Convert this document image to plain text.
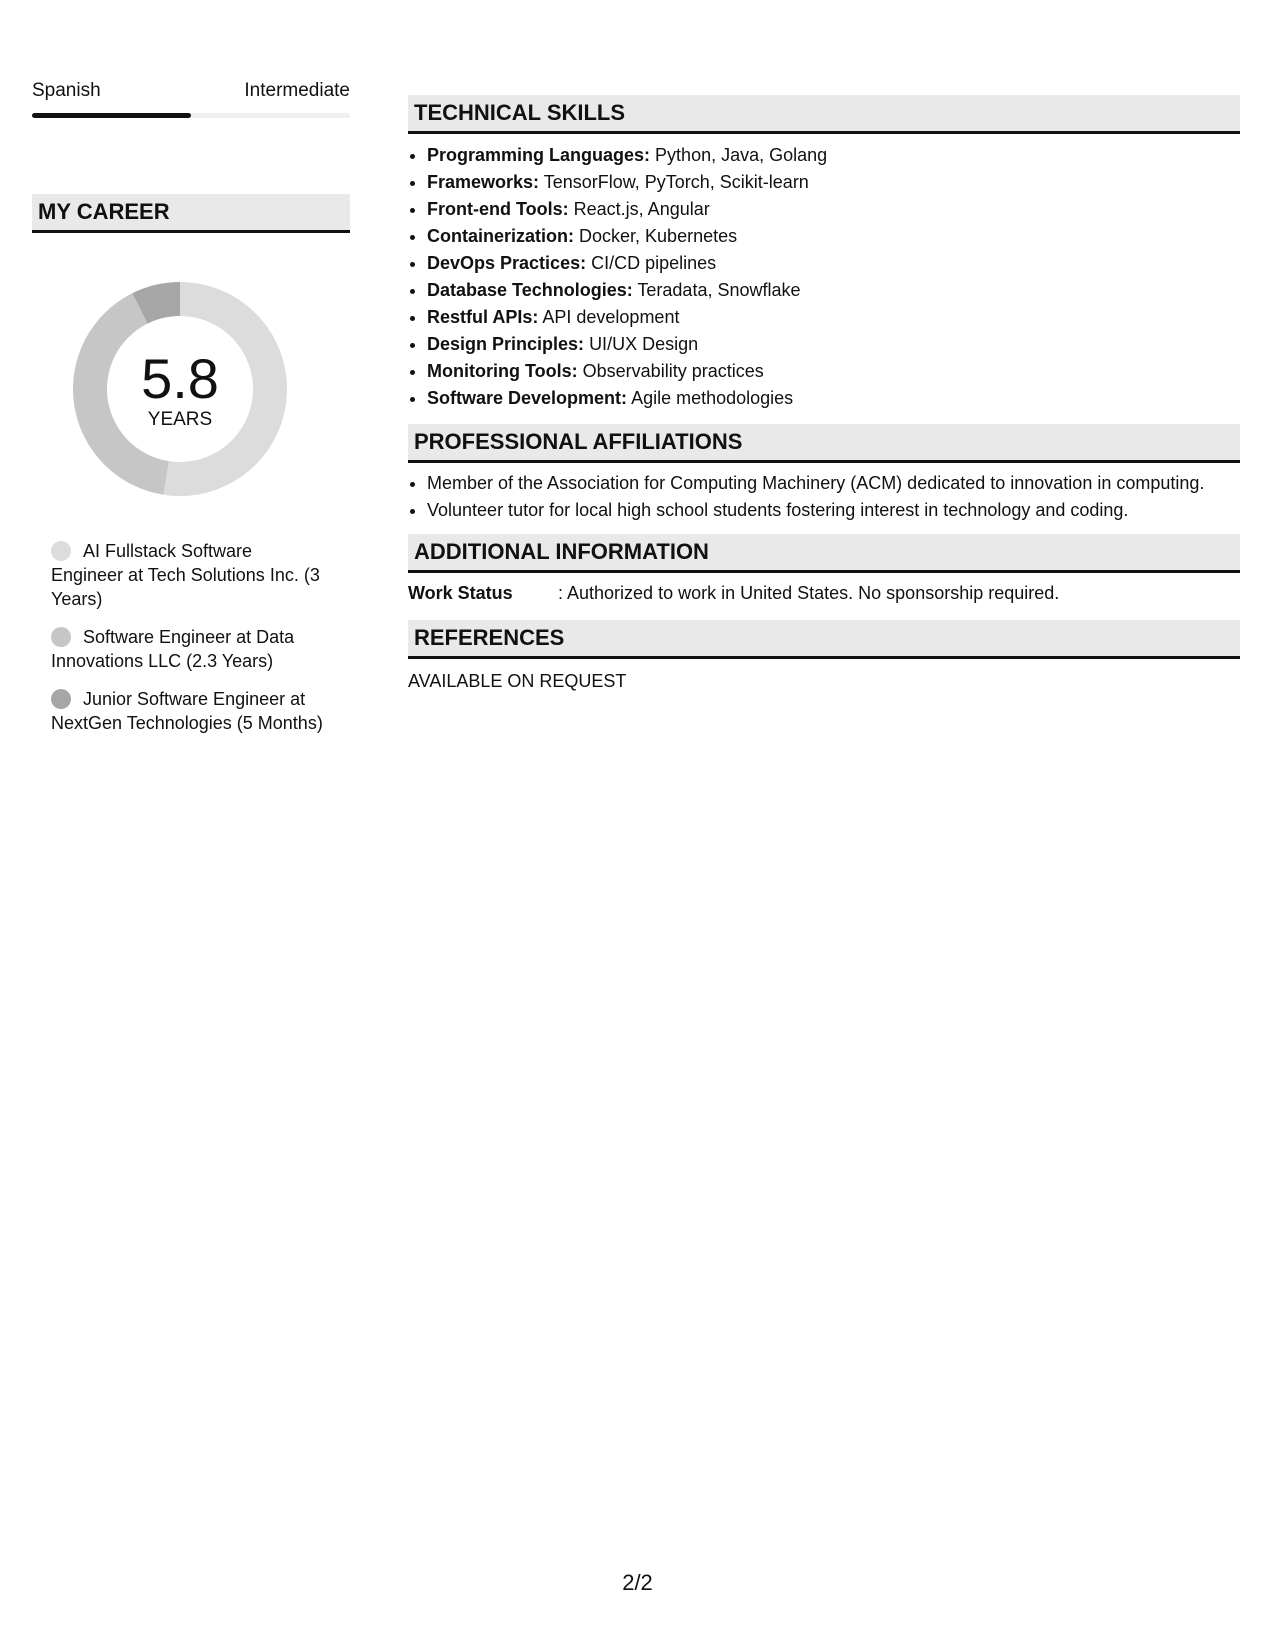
Spanish	Intermediate
MY CAREER
5.8
YEARS
AI Fullstack Software Engineer at Tech Solutions Inc. (3 Years)
Software Engineer at Data Innovations LLC (2.3 Years)
Junior Software Engineer at NextGen Technologies (5 Months)
TECHNICAL SKILLS
• Programming Languages: Python, Java, Golang
• Frameworks: TensorFlow, PyTorch, Scikit-learn
• Front-end Tools: React.js, Angular
• Containerization: Docker, Kubernetes
• DevOps Practices: CI/CD pipelines
• Database Technologies: Teradata, Snowflake
• Restful APIs: API development
• Design Principles: UI/UX Design
• Monitoring Tools: Observability practices
• Software Development: Agile methodologies
PROFESSIONAL AFFILIATIONS
• Member of the Association for Computing Machinery (ACM) dedicated to innovation in computing.
• Volunteer tutor for local high school students fostering interest in technology and coding.
ADDITIONAL INFORMATION
Work Status	: Authorized to work in United States. No sponsorship required.
REFERENCES
AVAILABLE ON REQUEST
2/2
